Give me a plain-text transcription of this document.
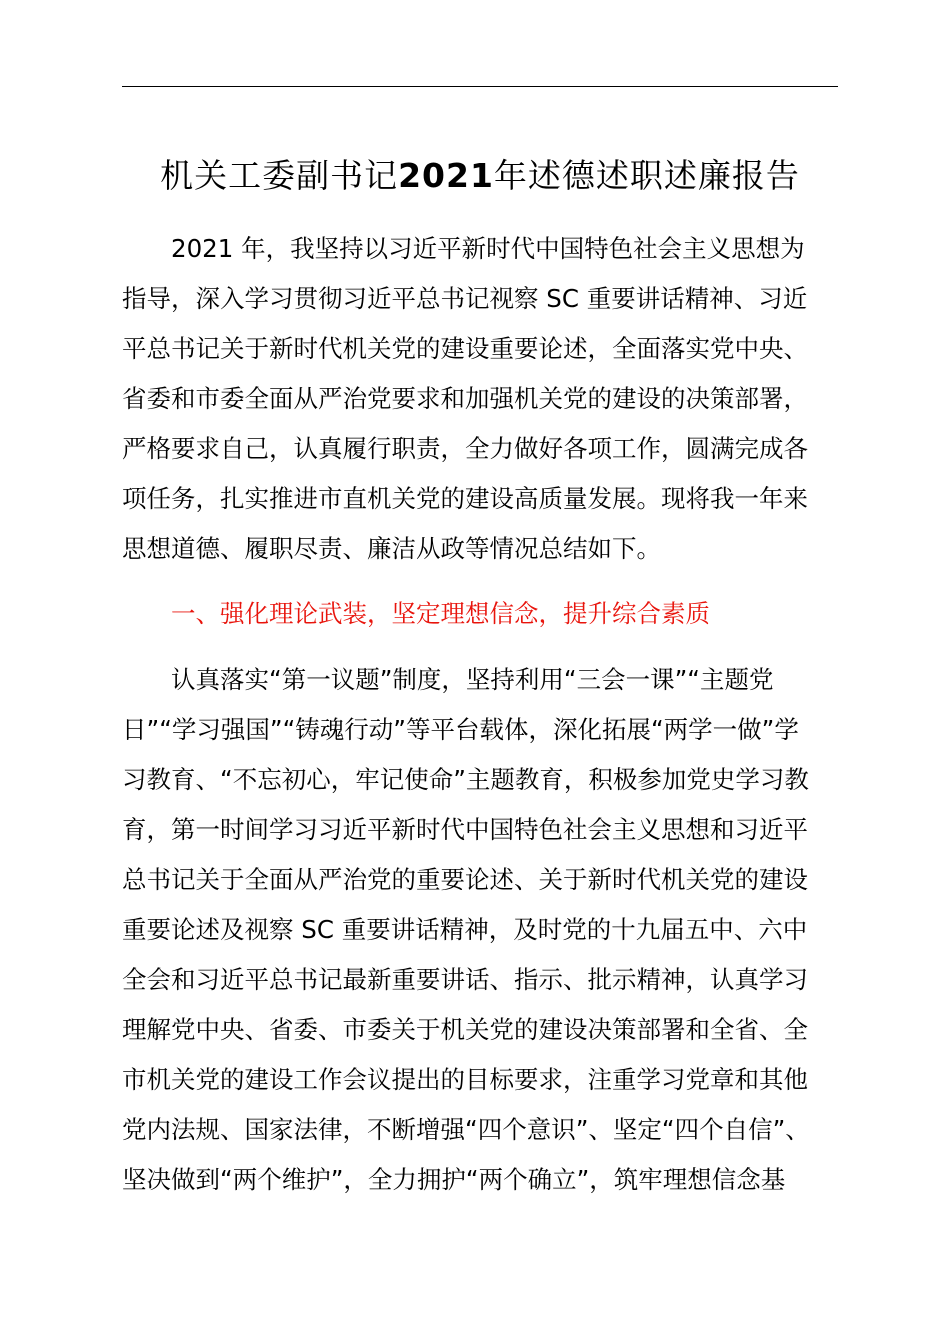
机关工委副书记2021年述德述职述廉报告
2021 年，我坚持以习近平新时代中国特色社会主义思想为
指导，深入学习贯彻习近平总书记视察 SC 重要讲话精神、习近
平总书记关于新时代机关党的建设重要论述，全面落实党中央、
省委和市委全面从严治党要求和加强机关党的建设的决策部署，
严格要求自己，认真履行职责，全力做好各项工作，圆满完成各
项任务，扎实推进市直机关党的建设高质量发展。现将我一年来
思想道德、履职尽责、廉洁从政等情况总结如下。
一、强化理论武装，坚定理想信念，提升综合素质
认真落实“第一议题”制度，坚持利用“三会一课”“主题党
日”“学习强国”“铸魂行动”等平台载体，深化拓展“两学一做”学
习教育、“不忘初心，牢记使命”主题教育，积极参加党史学习教
育，第一时间学习习近平新时代中国特色社会主义思想和习近平
总书记关于全面从严治党的重要论述、关于新时代机关党的建设
重要论述及视察 SC 重要讲话精神，及时党的十九届五中、六中
全会和习近平总书记最新重要讲话、指示、批示精神，认真学习
理解党中央、省委、市委关于机关党的建设决策部署和全省、全
市机关党的建设工作会议提出的目标要求，注重学习党章和其他
党内法规、国家法律，不断增强“四个意识”、坚定“四个自信”、
坚决做到“两个维护”，全力拥护“两个确立”，筑牢理想信念基
